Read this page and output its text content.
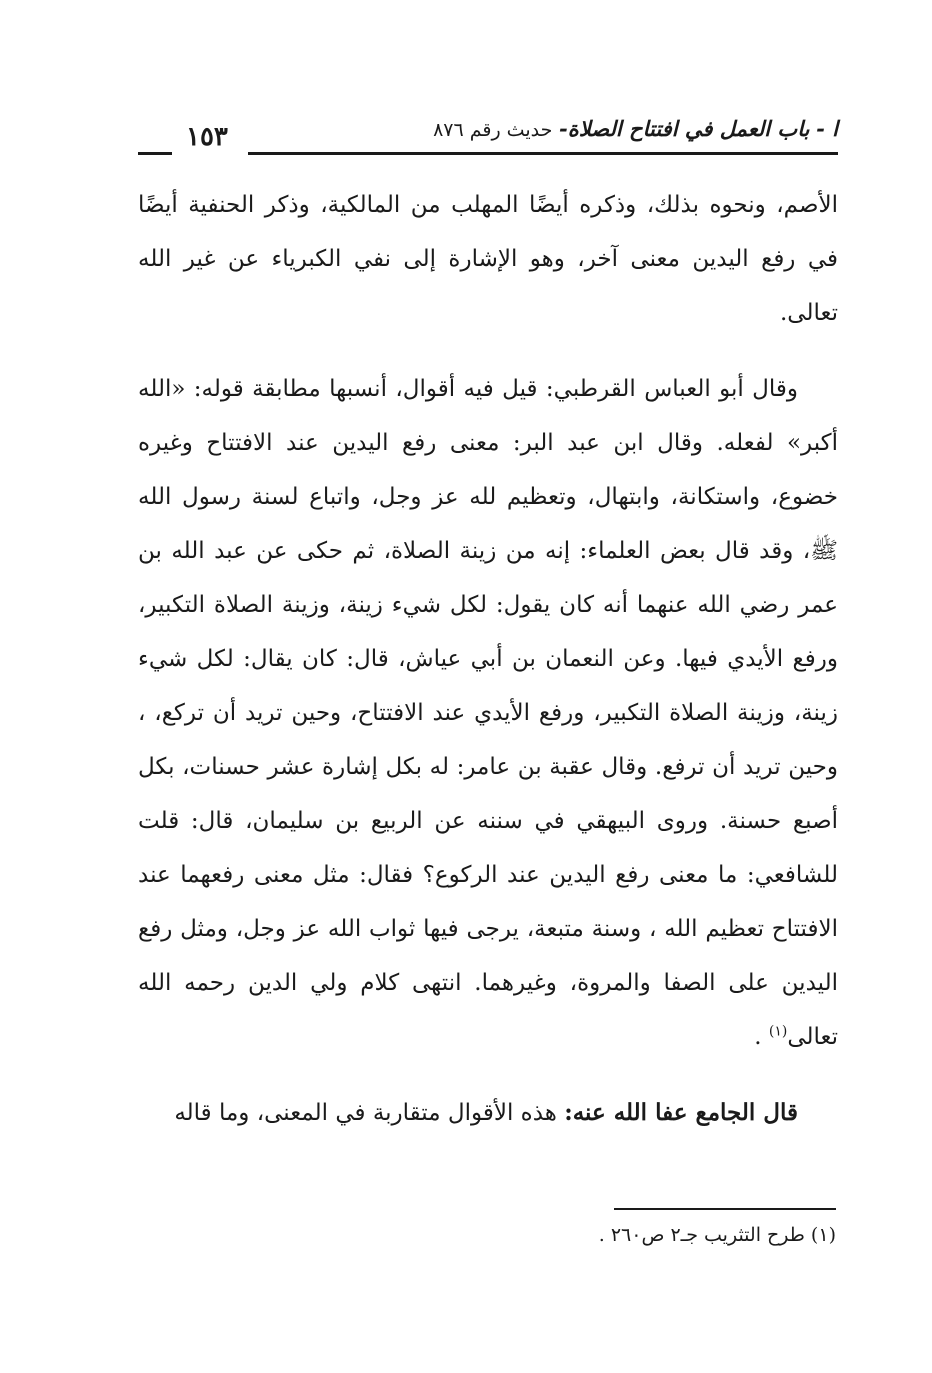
ا - باب العمل في افتتاح الصلاة- حديث رقم ٨٧٦
١٥٣

الأصم، ونحوه بذلك، وذكره أيضًا المهلب من المالكية، وذكر الحنفية أيضًا في رفع اليدين معنى آخر، وهو الإشارة إلى نفي الكبرياء عن غير الله تعالى.

وقال أبو العباس القرطبي: قيل فيه أقوال، أنسبها مطابقة قوله: «الله أكبر» لفعله. وقال ابن عبد البر: معنى رفع اليدين عند الافتتاح وغيره خضوع، واستكانة، وابتهال، وتعظيم لله عز وجل، واتباع لسنة رسول الله ﷺ، وقد قال بعض العلماء: إنه من زينة الصلاة، ثم حكى عن عبد الله بن عمر رضي الله عنهما أنه كان يقول: لكل شيء زينة، وزينة الصلاة التكبير، ورفع الأيدي فيها. وعن النعمان بن أبي عياش، قال: كان يقال: لكل شيء زينة، وزينة الصلاة التكبير، ورفع الأيدي عند الافتتاح، وحين تريد أن تركع، ، وحين تريد أن ترفع. وقال عقبة بن عامر: له بكل إشارة عشر حسنات، بكل أصبع حسنة. وروى البيهقي في سننه عن الربيع بن سليمان، قال: قلت للشافعي: ما معنى رفع اليدين عند الركوع؟ فقال: مثل معنى رفعهما عند الافتتاح تعظيم الله ، وسنة متبعة، يرجى فيها ثواب الله عز وجل، ومثل رفع اليدين على الصفا والمروة، وغيرهما. انتهى كلام ولي الدين رحمه الله تعالى$^{(١)}$ .

قال الجامع عفا الله عنه: هذه الأقوال متقاربة في المعنى، وما قاله

(١) طرح التثريب جـ٢ ص٢٦٠ .
